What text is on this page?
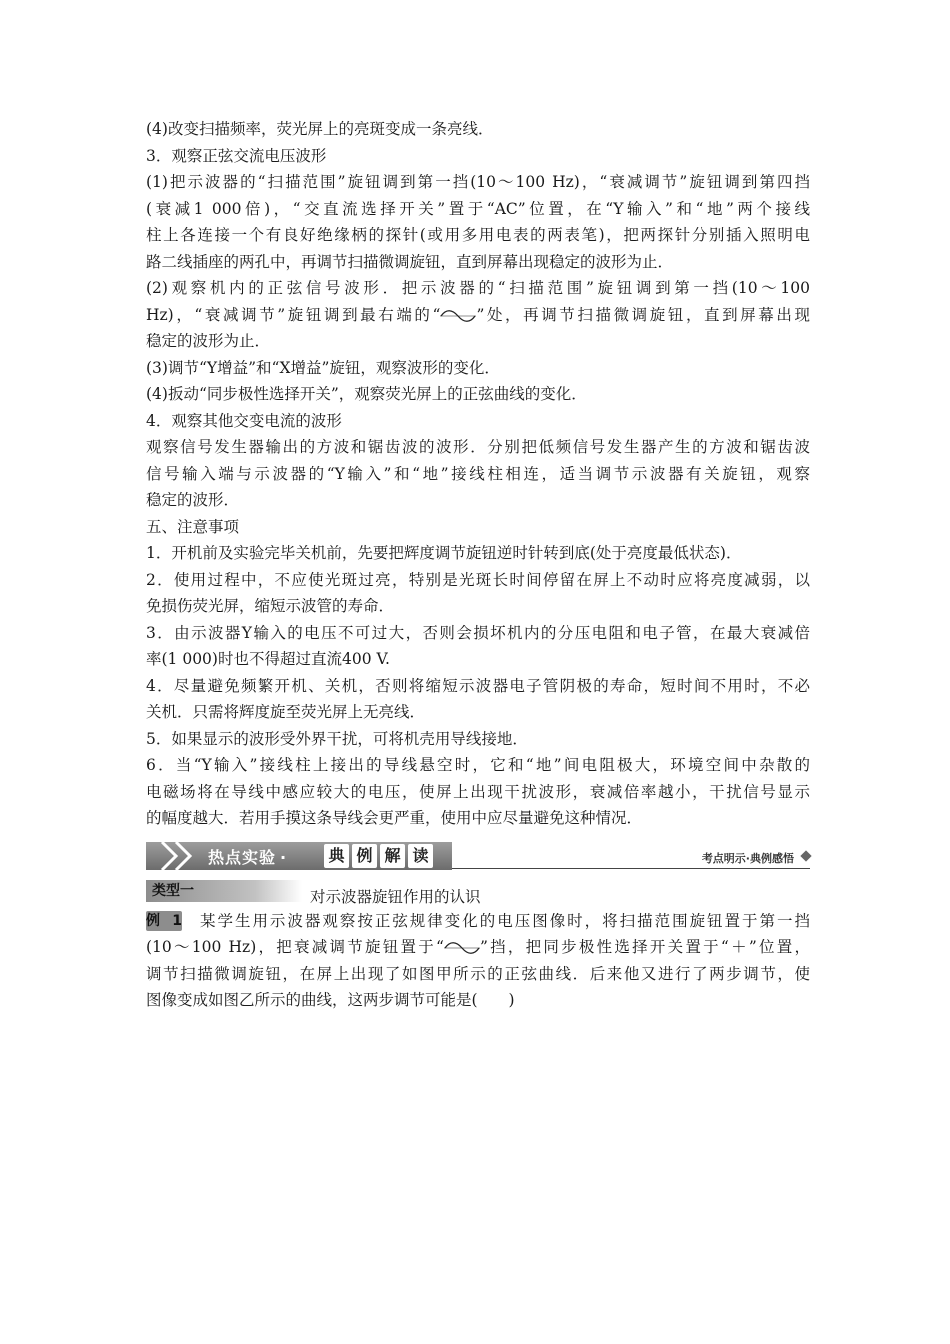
(4)改变扫描频率，荧光屏上的亮斑变成一条亮线．
3．观察正弦交流电压波形
(1)把示波器的“扫描范围”旋钮调到第一挡(10～100 Hz)，“衰减调节”旋钮调到第四挡
(衰减1 000倍)，“交直流选择开关”置于“AC”位置，在“Y输入”和“地”两个接线
柱上各连接一个有良好绝缘柄的探针(或用多用电表的两表笔)，把两探针分别插入照明电
路二线插座的两孔中，再调节扫描微调旋钮，直到屏幕出现稳定的波形为止．
(2)观察机内的正弦信号波形．把示波器的“扫描范围”旋钮调到第一挡(10～100
Hz)，“衰减调节”旋钮调到最右端的“ ”处，再调节扫描微调旋钮，直到屏幕出现
稳定的波形为止．
(3)调节“Y增益”和“X增益”旋钮，观察波形的变化．
(4)扳动“同步极性选择开关”，观察荧光屏上的正弦曲线的变化．
4．观察其他交变电流的波形
观察信号发生器输出的方波和锯齿波的波形．分别把低频信号发生器产生的方波和锯齿波
信号输入端与示波器的“Y输入”和“地”接线柱相连，适当调节示波器有关旋钮，观察
稳定的波形．
五、注意事项
1．开机前及实验完毕关机前，先要把辉度调节旋钮逆时针转到底(处于亮度最低状态)．
2．使用过程中，不应使光斑过亮，特别是光斑长时间停留在屏上不动时应将亮度减弱，以
免损伤荧光屏，缩短示波管的寿命．
3．由示波器Y输入的电压不可过大，否则会损坏机内的分压电阻和电子管，在最大衰减倍
率(1 000)时也不得超过直流400 V.
4．尽量避免频繁开机、关机，否则将缩短示波器电子管阴极的寿命，短时间不用时，不必
关机．只需将辉度旋至荧光屏上无亮线．
5．如果显示的波形受外界干扰，可将机壳用导线接地．
6．当“Y输入”接线柱上接出的导线悬空时，它和“地”间电阻极大，环境空间中杂散的
电磁场将在导线中感应较大的电压，使屏上出现干扰波形，衰减倍率越小，干扰信号显示
的幅度越大．若用手摸这条导线会更严重，使用中应尽量避免这种情况．
热点实验 ·	典 例 解 读	考点明示·典例感悟
类型一	对示波器旋钮作用的认识
例1 某学生用示波器观察按正弦规律变化的电压图像时，将扫描范围旋钮置于第一挡
(10～100 Hz)，把衰减调节旋钮置于“ ”挡，把同步极性选择开关置于“＋”位置，
调节扫描微调旋钮，在屏上出现了如图甲所示的正弦曲线．后来他又进行了两步调节，使
图像变成如图乙所示的曲线，这两步调节可能是(　　)
